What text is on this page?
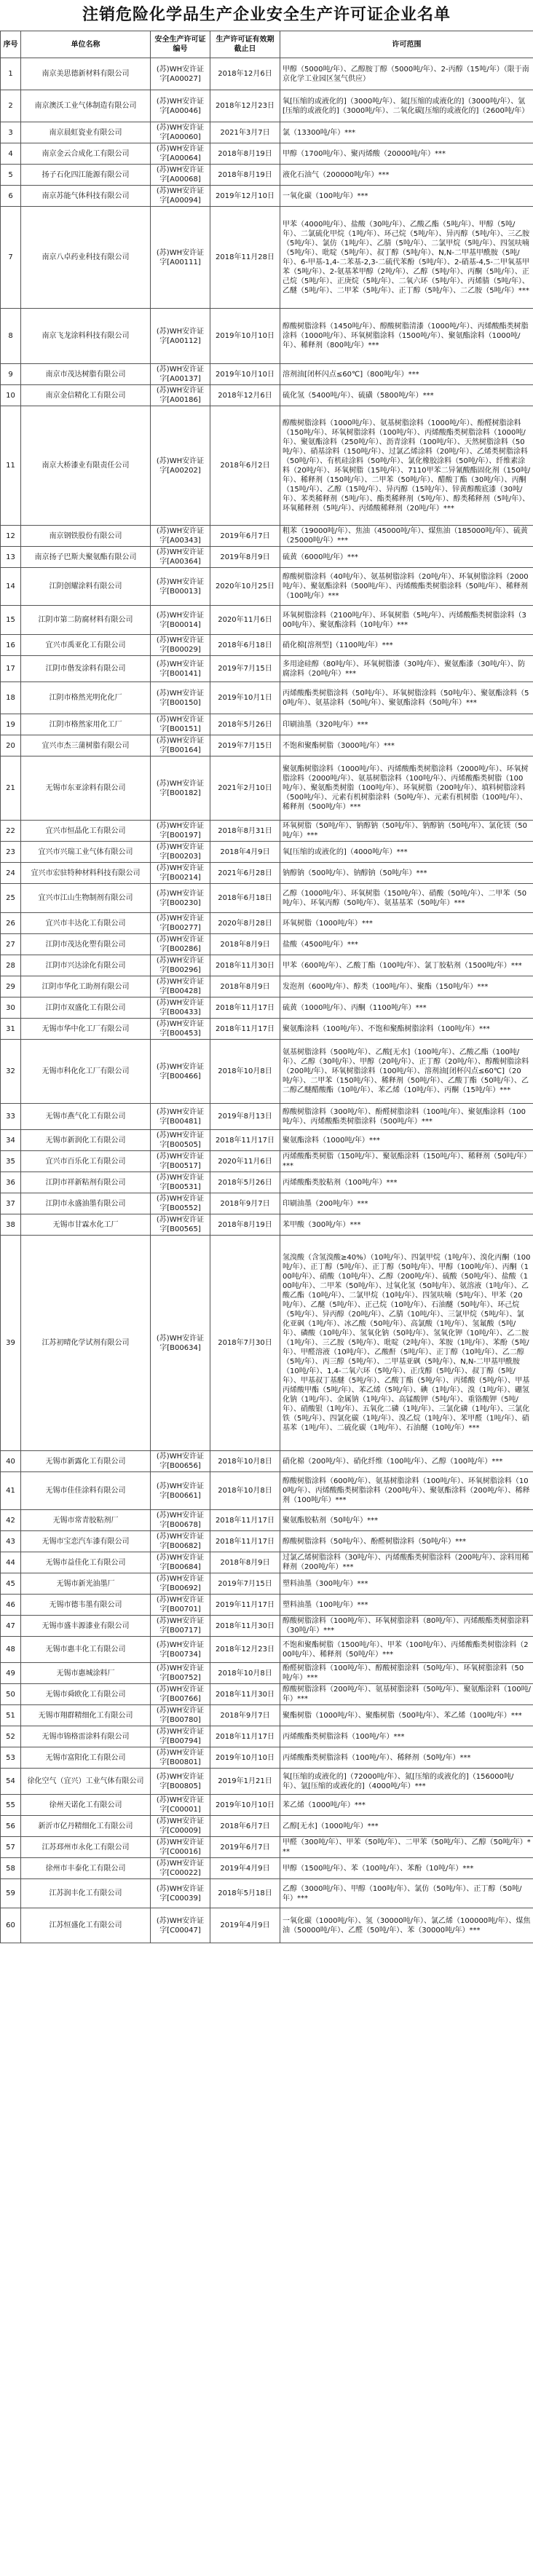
注销危险化学品生产企业安全生产许可证企业名单
序号	单位名称	安全生产许可证编号	生产许可证有效期截止日	许可范围
1	南京美思德新材料有限公司	(苏)WH安许证字[A00027]	2018年12月6日	甲醇（5000吨/年）、乙醇胺丁醇（5000吨/年）、2-丙醇（15吨/年）（限于南京化学工业园区氢气供应）
2	南京澳沃工业气体制造有限公司	(苏)WH安许证字[A00046]	2018年12月23日	氧[压缩的或液化的]（3000吨/年）、氮[压缩的或液化的]（3000吨/年）、氩[压缩的或液化的]（3000吨/年）、二氧化碳[压缩的或液化的]（2600吨/年）
3	南京晨虹瓷业有限公司	(苏)WH安许证字[A00060]	2021年3月7日	氯（13300吨/年）***
4	南京金云合成化工有限公司	(苏)WH安许证字[A00064]	2018年8月19日	甲醇（1700吨/年）、聚丙烯酸（20000吨/年）***
5	扬子石化四江能源有限公司	(苏)WH安许证字[A00068]	2018年8月19日	液化石油气（200000吨/年）***
6	南京苏能气体科技有限公司	(苏)WH安许证字[A00094]	2019年12月10日	一氧化碳（100吨/年）***
7	南京八卓药业科技有限公司	(苏)WH安许证字[A00111]	2018年11月28日	甲苯（4000吨/年）、盐酸（30吨/年）、乙酸乙酯（5吨/年）、甲醇（5吨/年）、二氯硫化甲烷（1吨/年）、环己烷（5吨/年）、异丙醇（5吨/年）、三乙胺（5吨/年）、氯仿（1吨/年）、乙腈（5吨/年）、二氯甲烷（5吨/年）、四氢呋喃（5吨/年）、吡啶（5吨/年）、叔丁醇（5吨/年）、N,N-二甲基甲酰胺（5吨/年）、6-甲基-1,4-二苯基-2,3-二硫代苯酚（5吨/年）、2-硝基-4,5-二甲氧基甲苯（5吨/年）、2-氨基苯甲醇（2吨/年）、乙醇（5吨/年）、丙酮（5吨/年）、正己烷（5吨/年）、正庚烷（5吨/年）、二氧六环（5吨/年）、丙烯腈（5吨/年）、乙醚（5吨/年）、二甲苯（5吨/年）、正丁醇（5吨/年）、二乙胺（5吨/年）***
8	南京飞龙涂料科技有限公司	(苏)WH安许证字[A00112]	2019年10月10日	醇酸树脂涂料（1450吨/年）、醇酸树脂清漆（1000吨/年）、丙烯酸酯类树脂涂料（1000吨/年）、环氧树脂涂料（1500吨/年）、聚氨酯涂料（1000吨/年）、稀释剂（800吨/年）***
9	南京市茂达树脂有限公司	(苏)WH安许证字[A00137]	2019年10月10日	溶剂油[闭杯闪点≤60℃]（800吨/年）***
10	南京金信精化工有限公司	(苏)WH安许证字[A00186]	2018年12月6日	硫化氢（5400吨/年）、硫磺（5800吨/年）***
11	南京大桥漆业有限责任公司	(苏)WH安许证字[A00202]	2018年6月2日	醇酸树脂涂料（1000吨/年）、氨基树脂涂料（1000吨/年）、酚醛树脂涂料（150吨/年）、环氧树脂涂料（100吨/年）、丙烯酸酯类树脂涂料（1000吨/年）、聚氨酯涂料（250吨/年）、沥青涂料（100吨/年）、天然树脂涂料（50吨/年）、硝基涂料（150吨/年）、过氯乙烯涂料（20吨/年）、乙烯类树脂涂料（50吨/年）、有机硅涂料（50吨/年）、氯化橡胶涂料（50吨/年）、纤维素涂料（20吨/年）、环氧树脂（15吨/年）、7110甲苯二异氰酸酯固化剂（150吨/年）、稀释剂（150吨/年）、二甲苯（50吨/年）、醋酸丁酯（30吨/年）、丙酮（15吨/年）、乙醇（15吨/年）、异丙醇（15吨/年）、锌黄醇酸底漆（30吨/年）、苯类稀释剂（5吨/年）、酯类稀释剂（5吨/年）、醇类稀释剂（5吨/年）、环氧稀释剂（5吨/年）、丙烯酸稀释剂（20吨/年）***
12	南京钢铁股份有限公司	(苏)WH安许证字[A00343]	2019年6月7日	粗苯（19000吨/年）、焦油（45000吨/年）、煤焦油（185000吨/年）、硫黄（25000吨/年）***
13	南京扬子巴斯夫聚氨酯有限公司	(苏)WH安许证字[A00364]	2019年8月9日	硫黄（6000吨/年）***
14	江阴创耀涂料有限公司	(苏)WH安许证字[B00013]	2020年10月25日	醇酸树脂涂料（40吨/年）、氨基树脂涂料（20吨/年）、环氧树脂涂料（2000吨/年）、聚氨酯涂料（500吨/年）、丙烯酸酯类树脂涂料（50吨/年）、稀释剂（100吨/年）***
15	江阴市第二防腐材料有限公司	(苏)WH安许证字[B00014]	2020年11月6日	环氧树脂涂料（2100吨/年）、环氧树脂（5吨/年）、丙烯酸酯类树脂涂料（300吨/年）、聚氨酯涂料（10吨/年）***
16	宜兴市禹亚化工有限公司	(苏)WH安许证字[B00029]	2018年6月18日	硝化棉[溶剂型]（1100吨/年）***
17	江阴市偕发涂料有限公司	(苏)WH安许证字[B00141]	2019年7月15日	多用途硅醇（80吨/年）、环氧树脂漆（30吨/年）、聚氨酯漆（30吨/年）、防腐涂料（20吨/年）***
18	江阴市格然光明化化厂	(苏)WH安许证字[B00150]	2019年10月1日	丙烯酸酯类树脂涂料（50吨/年）、环氧树脂涂料（50吨/年）、聚氨酯涂料（50吨/年）、氨基涂料（50吨/年）、聚氨酯涂料（50吨/年）***
19	江阴市格然家用化工厂	(苏)WH安许证字[B00151]	2018年5月26日	印刷油墨（320吨/年）***
20	宜兴市杰三蒲树脂有限公司	(苏)WH安许证字[B00164]	2019年7月15日	不饱和聚酯树脂（3000吨/年）***
21	无锡市东亚涂料有限公司	(苏)WH安许证字[B00182]	2021年2月10日	聚氨酯树脂涂料（1000吨/年）、丙烯酸酯类树脂涂料（2000吨/年）、环氧树脂涂料（2000吨/年）、氨基树脂涂料（100吨/年）、丙烯酸酯类树脂（100吨/年）、聚氨酯类树脂（100吨/年）、环氧树脂（200吨/年）、填料树脂涂料（500吨/年）、元素有机树脂涂料（50吨/年）、元素有机树脂（100吨/年）、稀释剂（500吨/年）***
22	宜兴市恒晶化工有限公司	(苏)WH安许证字[B00197]	2018年8月31日	环氧树脂（50吨/年）、钠醇钠（50吨/年）、钠醇钠（50吨/年）、氯化镁（50吨/年）***
23	宜兴市兴瑞工业气体有限公司	(苏)WH安许证字[B00203]	2018年4月9日	氧[压缩的或液化的]（4000吨/年）***
24	宜兴市宏驻特种材料科技有限公司	(苏)WH安许证字[B00214]	2021年6月28日	钠醇钠（500吨/年）、钠醇钠（50吨/年）***
25	宜兴市江山生物制剂有限公司	(苏)WH安许证字[B00230]	2018年6月18日	乙醇（1000吨/年）、环氧树脂（150吨/年）、硝酸（50吨/年）、二甲苯（50吨/年）、环氧丙醇（50吨/年）、氨基基苯（50吨/年）***
26	宜兴市丰达化工有限公司	(苏)WH安许证字[B00277]	2020年8月28日	环氧树脂（1000吨/年）***
27	江阴市茂达化塑有限公司	(苏)WH安许证字[B00286]	2018年8月9日	盐酸（4500吨/年）***
28	江阴市兴达涂化有限公司	(苏)WH安许证字[B00296]	2018年11月30日	甲苯（600吨/年）、乙酸丁酯（100吨/年）、氯丁胶粘剂（1500吨/年）***
29	江阴市华化工助剂有限公司	(苏)WH安许证字[B00428]	2018年8月9日	发泡剂（600吨/年）、醇类（100吨/年）、聚酯（150吨/年）***
30	江阴市双盛化工有限公司	(苏)WH安许证字[B00433]	2018年11月17日	硫黄（1000吨/年）、丙酮（1100吨/年）***
31	无锡市华中化工厂有限公司	(苏)WH安许证字[B00453]	2018年11月17日	聚氨酯涂料（100吨/年）、不饱和聚酯树脂涂料（100吨/年）***
32	无锡市科化化工厂有限公司	(苏)WH安许证字[B00466]	2018年10月8日	氨基树脂涂料（500吨/年）、乙酸[无水]（100吨/年）、乙酸乙酯（100吨/年）、乙醇（30吨/年）、甲醇（20吨/年）、正丁醇（20吨/年）、醇酸树脂涂料（200吨/年）、环氧树脂涂料（100吨/年）、溶剂油[闭杯闪点≤60℃]（20吨/年）、二甲苯（150吨/年）、稀释剂（50吨/年）、乙酸丁酯（50吨/年）、乙二醇乙醚醋酸酯（10吨/年）、苯乙烯（10吨/年）、丙酮（15吨/年）***
33	无锡市燕气化工有限公司	(苏)WH安许证字[B00481]	2019年8月13日	醇酸树脂涂料（300吨/年）、酚醛树脂涂料（100吨/年）、聚氨酯涂料（100吨/年）、丙烯酸酯类树脂涂料（500吨/年）***
34	无锡市新润化工有限公司	(苏)WH安许证字[B00505]	2018年11月17日	聚氨酯涂料（1000吨/年）***
35	宜兴市百乐化工有限公司	(苏)WH安许证字[B00517]	2020年11月6日	丙烯酸酯类树脂（150吨/年）、聚氨酯涂料（150吨/年）、稀释剂（50吨/年）***
36	江阴市祥新粘剂有限公司	(苏)WH安许证字[B00531]	2018年5月26日	丙烯酸酯类胶粘剂（100吨/年）***
37	江阴市永盛油墨有限公司	(苏)WH安许证字[B00552]	2018年9月7日	印刷油墨（200吨/年）***
38	无锡市甘霖水化工厂	(苏)WH安许证字[B00565]	2018年8月19日	苯甲酸（300吨/年）***
39	江苏初晴化学试剂有限公司	(苏)WH安许证字[B00634]	2018年7月30日	氢溴酸（含氢溴酸≥40%）（10吨/年）、四氯甲烷（1吨/年）、溴化丙酮（100吨/年）、正丁醇（5吨/年）、正丁醇（50吨/年）、甲醇（100吨/年）、丙酮（100吨/年）、硝酸（10吨/年）、乙醇（200吨/年）、硫酸（50吨/年）、盐酸（100吨/年）、二甲苯（50吨/年）、过氧化氢（50吨/年）、氨溶液（1吨/年）、乙酸乙酯（10吨/年）、二氯甲烷（10吨/年）、四氢呋喃（5吨/年）、甲苯（20吨/年）、乙醚（5吨/年）、正己烷（10吨/年）、石油醚（50吨/年）、环己烷（5吨/年）、异丙醇（20吨/年）、乙腈（10吨/年）、三氯甲烷（5吨/年）、氯化亚砜（1吨/年）、冰乙酸（50吨/年）、高氯酸（1吨/年）、氢氟酸（5吨/年）、磷酸（10吨/年）、氢氧化钠（50吨/年）、氢氧化钾（10吨/年）、乙二胺（1吨/年）、三乙胺（5吨/年）、吡啶（2吨/年）、苯胺（1吨/年）、苯酚（5吨/年）、甲醛溶液（10吨/年）、乙酸酐（5吨/年）、正丁醇（10吨/年）、乙二醇（5吨/年）、丙三醇（5吨/年）、二甲基亚砜（5吨/年）、N,N-二甲基甲酰胺（10吨/年）、1,4-二氧六环（5吨/年）、正戊醇（5吨/年）、叔丁醇（5吨/年）、甲基叔丁基醚（5吨/年）、乙酸丁酯（5吨/年）、丙烯酸（5吨/年）、甲基丙烯酸甲酯（5吨/年）、苯乙烯（5吨/年）、碘（1吨/年）、溴（1吨/年）、硼氢化钠（1吨/年）、金属钠（1吨/年）、高锰酸钾（5吨/年）、重铬酸钾（5吨/年）、硝酸银（1吨/年）、五氧化二磷（1吨/年）、三氯化磷（1吨/年）、三氯化铁（5吨/年）、四氯化碳（1吨/年）、溴乙烷（1吨/年）、苯甲醛（1吨/年）、硝基苯（1吨/年）、二硫化碳（1吨/年）、石油醚（10吨/年）***
40	无锡市新露化工有限公司	(苏)WH安许证字[B00656]	2018年10月8日	硝化棉（200吨/年）、硝化纤维（100吨/年）、乙醇（100吨/年）***
41	无锡市佳佳涂料有限公司	(苏)WH安许证字[B00661]	2018年10月8日	醇酸树脂涂料（600吨/年）、氨基树脂涂料（100吨/年）、环氧树脂涂料（100吨/年）、丙烯酸酯类树脂涂料（200吨/年）、聚氨酯涂料（200吨/年）、稀释剂（100吨/年）***
42	无锡市常青胶粘剂厂	(苏)WH安许证字[B00678]	2018年11月17日	聚氨酯胶粘剂（50吨/年）***
43	无锡市宝恋汽车漆有限公司	(苏)WH安许证字[B00682]	2018年11月17日	醇酸树脂涂料（50吨/年）、酚醛树脂涂料（50吨/年）***
44	无锡市益佳化工有限公司	(苏)WH安许证字[B00684]	2018年8月9日	过氯乙烯树脂涂料（30吨/年）、丙烯酸酯类树脂涂料（200吨/年）、涂料用稀释剂（200吨/年）***
45	无锡市新光油墨厂	(苏)WH安许证字[B00692]	2019年7月15日	塑料油墨（300吨/年）***
46	无锡市德韦墨有限公司	(苏)WH安许证字[B00701]	2019年11月17日	塑料油墨（100吨/年）***
47	无锡市盛丰源漆业有限公司	(苏)WH安许证字[B00717]	2018年11月30日	醇酸树脂涂料（100吨/年）、环氧树脂涂料（80吨/年）、丙烯酸酯类树脂涂料（30吨/年）***
48	无锡市惠丰化工有限公司	(苏)WH安许证字[B00734]	2018年12月23日	不饱和聚酯树脂（1500吨/年）、甲苯（100吨/年）、丙烯酸酯类树脂涂料（200吨/年）、稀释剂（50吨/年）***
49	无锡市惠城涂料厂	(苏)WH安许证字[B00752]	2018年10月8日	酚醛树脂涂料（100吨/年）、醇酸树脂涂料（50吨/年）、环氧树脂涂料（50吨/年）***
50	无锡市舜欧化工有限公司	(苏)WH安许证字[B00766]	2018年11月30日	醇酸树脂涂料（200吨/年）、氨基树脂涂料（50吨/年）、聚氨酯涂料（100吨/年）***
51	无锡市翔群精细化工有限公司	(苏)WH安许证字[B00780]	2018年9月7日	聚酯树脂（1000吨/年）、聚酯树脂（500吨/年）、苯乙烯（100吨/年）***
52	无锡市锦格雷涂料有限公司	(苏)WH安许证字[B00794]	2018年11月17日	丙烯酸酯类树脂涂料（100吨/年）***
53	无锡市富阳化工有限公司	(苏)WH安许证字[B00801]	2019年10月10日	丙烯酸酯类树脂涂料（100吨/年）、稀释剂（50吨/年）***
54	徐化空气（宜兴）工业气体有限公司	(苏)WH安许证字[B00805]	2019年1月21日	氧[压缩的或液化的]（72000吨/年）、氮[压缩的或液化的]（156000吨/年）、氩[压缩的或液化的]（4000吨/年）***
55	徐州天诺化工有限公司	(苏)WH安许证字[C00001]	2019年10月10日	苯乙烯（1000吨/年）***
56	新沂市亿丹精细化工有限公司	(苏)WH安许证字[C00009]	2018年6月7日	乙醇[无水]（1000吨/年）***
57	江苏邳州市永化工有限公司	(苏)WH安许证字[C00016]	2019年6月7日	甲醛（300吨/年）、甲苯（50吨/年）、二甲苯（50吨/年）、乙醇（50吨/年）***
58	徐州市丰泰化工有限公司	(苏)WH安许证字[C00022]	2019年4月9日	甲醇（1500吨/年）、苯（100吨/年）、苯酚（10吨/年）***
59	江苏润丰化工有限公司	(苏)WH安许证字[C00039]	2018年5月18日	乙醇（3000吨/年）、甲醇（100吨/年）、氯仿（50吨/年）、正丁醇（50吨/年）***
60	江苏恒盛化工有限公司	(苏)WH安许证字[C00047]	2019年4月9日	一氧化碳（1000吨/年）、氢（30000吨/年）、氯乙烯（100000吨/年）、煤焦油（50000吨/年）、乙醛（50吨/年）、苯（30000吨/年）***
